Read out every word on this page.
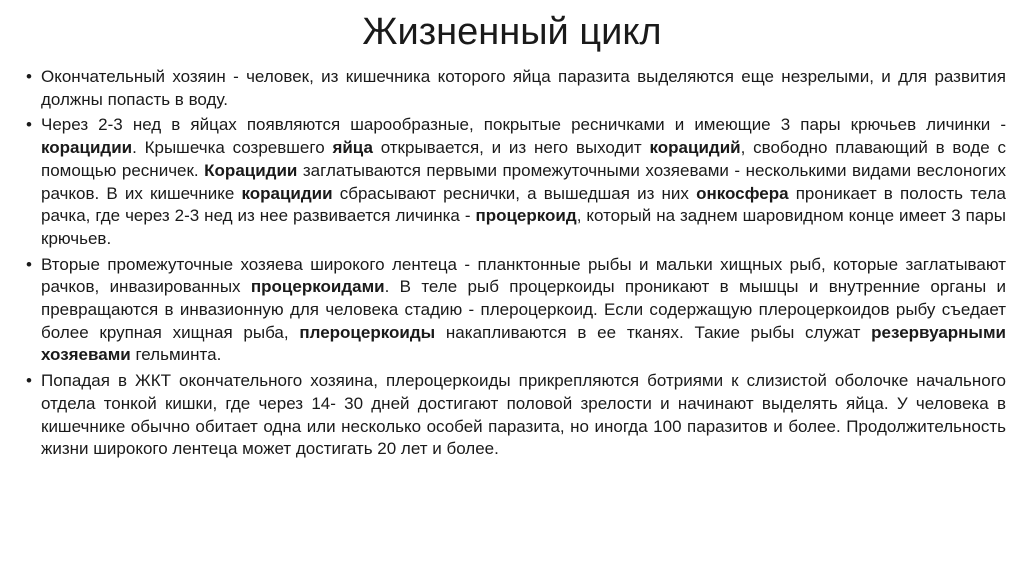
Жизненный цикл
• Окончательный хозяин - человек, из кишечника которого яйца паразита выделяются еще незрелыми, и для развития должны попасть в воду.
• Через 2-3 нед в яйцах появляются шарообразные, покрытые ресничками и имеющие 3 пары крючьев личинки - корацидии. Крышечка созревшего яйца открывается, и из него выходит корацидий, свободно плавающий в воде с помощью ресничек. Корацидии заглатываются первыми промежуточными хозяевами - несколькими видами веслоногих рачков. В их кишечнике корацидии сбрасывают реснички, а вышедшая из них онкосфера проникает в полость тела рачка, где через 2-3 нед из нее развивается личинка - процеркоид, который на заднем шаровидном конце имеет 3 пары крючьев.
• Вторые промежуточные хозяева широкого лентеца - планктонные рыбы и мальки хищных рыб, которые заглатывают рачков, инвазированных процеркоидами. В теле рыб процеркоиды проникают в мышцы и внутренние органы и превращаются в инвазионную для человека стадию - плероцеркоид. Если содержащую плероцеркоидов рыбу съедает более крупная хищная рыба, плероцеркоиды накапливаются в ее тканях. Такие рыбы служат резервуарными хозяевами гельминта.
• Попадая в ЖКТ окончательного хозяина, плероцеркоиды прикрепляются ботриями к слизистой оболочке начального отдела тонкой кишки, где через 14- 30 дней достигают половой зрелости и начинают выделять яйца. У человека в кишечнике обычно обитает одна или несколько особей паразита, но иногда 100 паразитов и более. Продолжительность жизни широкого лентеца может достигать 20 лет и более.
